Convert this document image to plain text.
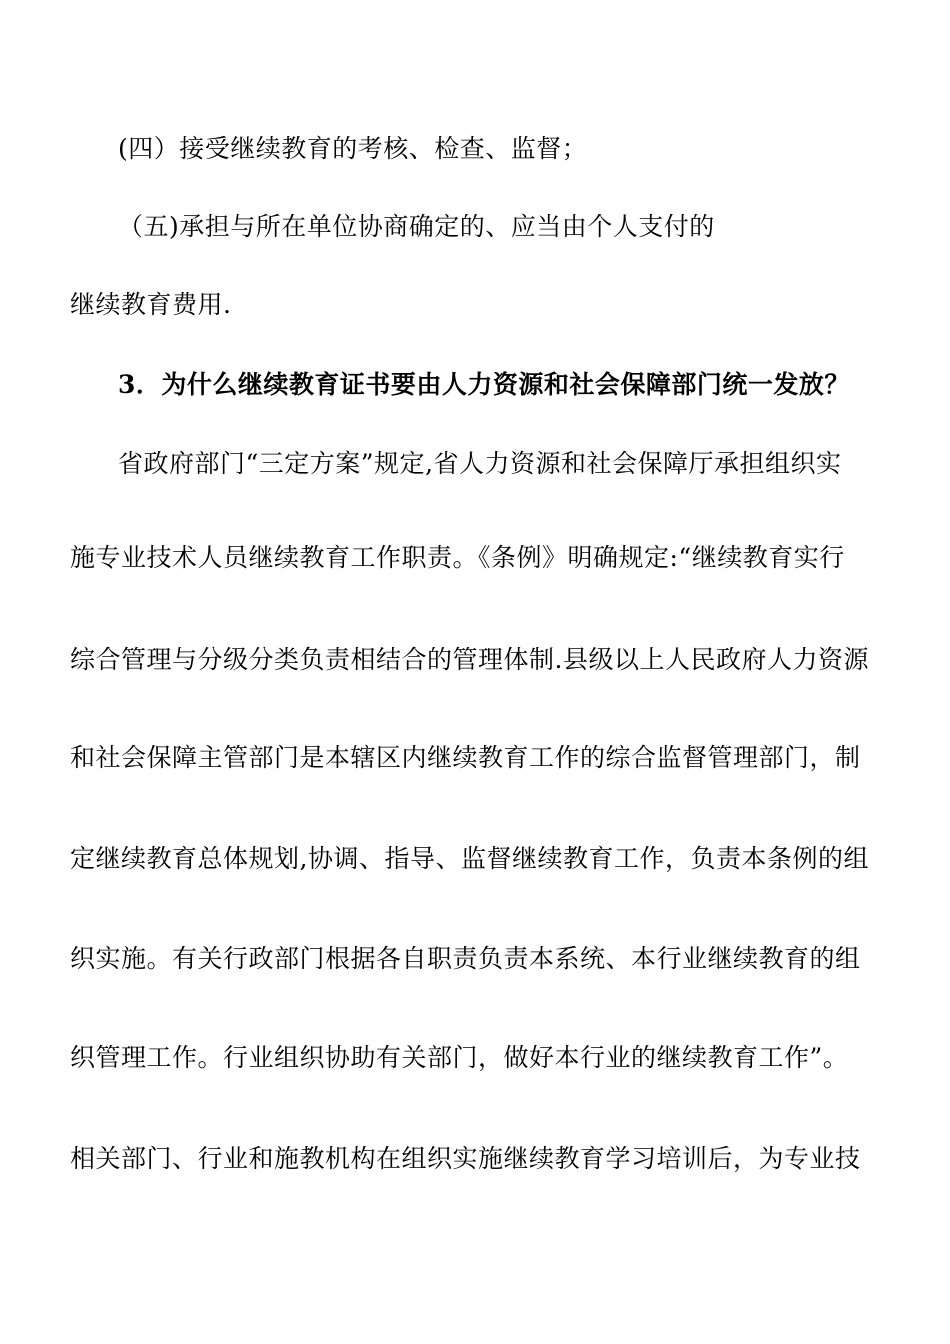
(四）接受继续教育的考核、检查、监督；
（五)承担与所在单位协商确定的、应当由个人支付的
继续教育费用.
3．为什么继续教育证书要由人力资源和社会保障部门统一发放？
省政府部门“三定方案”规定,省人力资源和社会保障厅承担组织实
施专业技术人员继续教育工作职责。《条例》明确规定:“继续教育实行
综合管理与分级分类负责相结合的管理体制.县级以上人民政府人力资源
和社会保障主管部门是本辖区内继续教育工作的综合监督管理部门，制
定继续教育总体规划,协调、指导、监督继续教育工作，负责本条例的组
织实施。有关行政部门根据各自职责负责本系统、本行业继续教育的组
织管理工作。行业组织协助有关部门，做好本行业的继续教育工作”。
相关部门、行业和施教机构在组织实施继续教育学习培训后，为专业技
